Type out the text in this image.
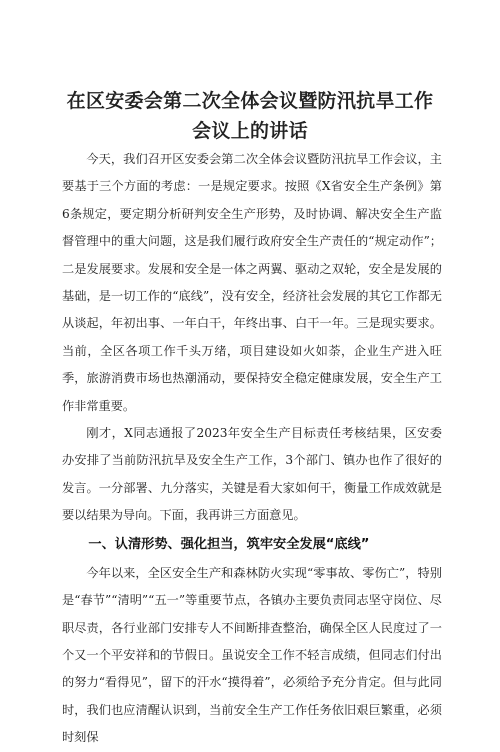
在区安委会第二次全体会议暨防汛抗旱工作会议上的讲话

今天，我们召开区安委会第二次全体会议暨防汛抗旱工作会议，主要基于三个方面的考虑：一是规定要求。按照《X省安全生产条例》第6条规定，要定期分析研判安全生产形势，及时协调、解决安全生产监督管理中的重大问题，这是我们履行政府安全生产责任的“规定动作”；二是发展要求。发展和安全是一体之两翼、驱动之双轮，安全是发展的基础，是一切工作的“底线”，没有安全，经济社会发展的其它工作都无从谈起，年初出事、一年白干，年终出事、白干一年。三是现实要求。当前，全区各项工作千头万绪，项目建设如火如荼，企业生产进入旺季，旅游消费市场也热潮涌动，要保持安全稳定健康发展，安全生产工作非常重要。

刚才，X同志通报了2023年安全生产目标责任考核结果，区安委办安排了当前防汛抗旱及安全生产工作，3个部门、镇办也作了很好的发言。一分部署、九分落实，关键是看大家如何干，衡量工作成效就是要以结果为导向。下面，我再讲三方面意见。

一、认清形势、强化担当，筑牢安全发展“底线”

今年以来，全区安全生产和森林防火实现“零事故、零伤亡”，特别是“春节”“清明”“五一”等重要节点，各镇办主要负责同志坚守岗位、尽职尽责，各行业部门安排专人不间断排查整治，确保全区人民度过了一个又一个平安祥和的节假日。虽说安全工作不轻言成绩，但同志们付出的努力“看得见”，留下的汗水“摸得着”，必须给予充分肯定。但与此同时，我们也应清醒认识到，当前安全生产工作任务依旧艰巨繁重，必须时刻保
